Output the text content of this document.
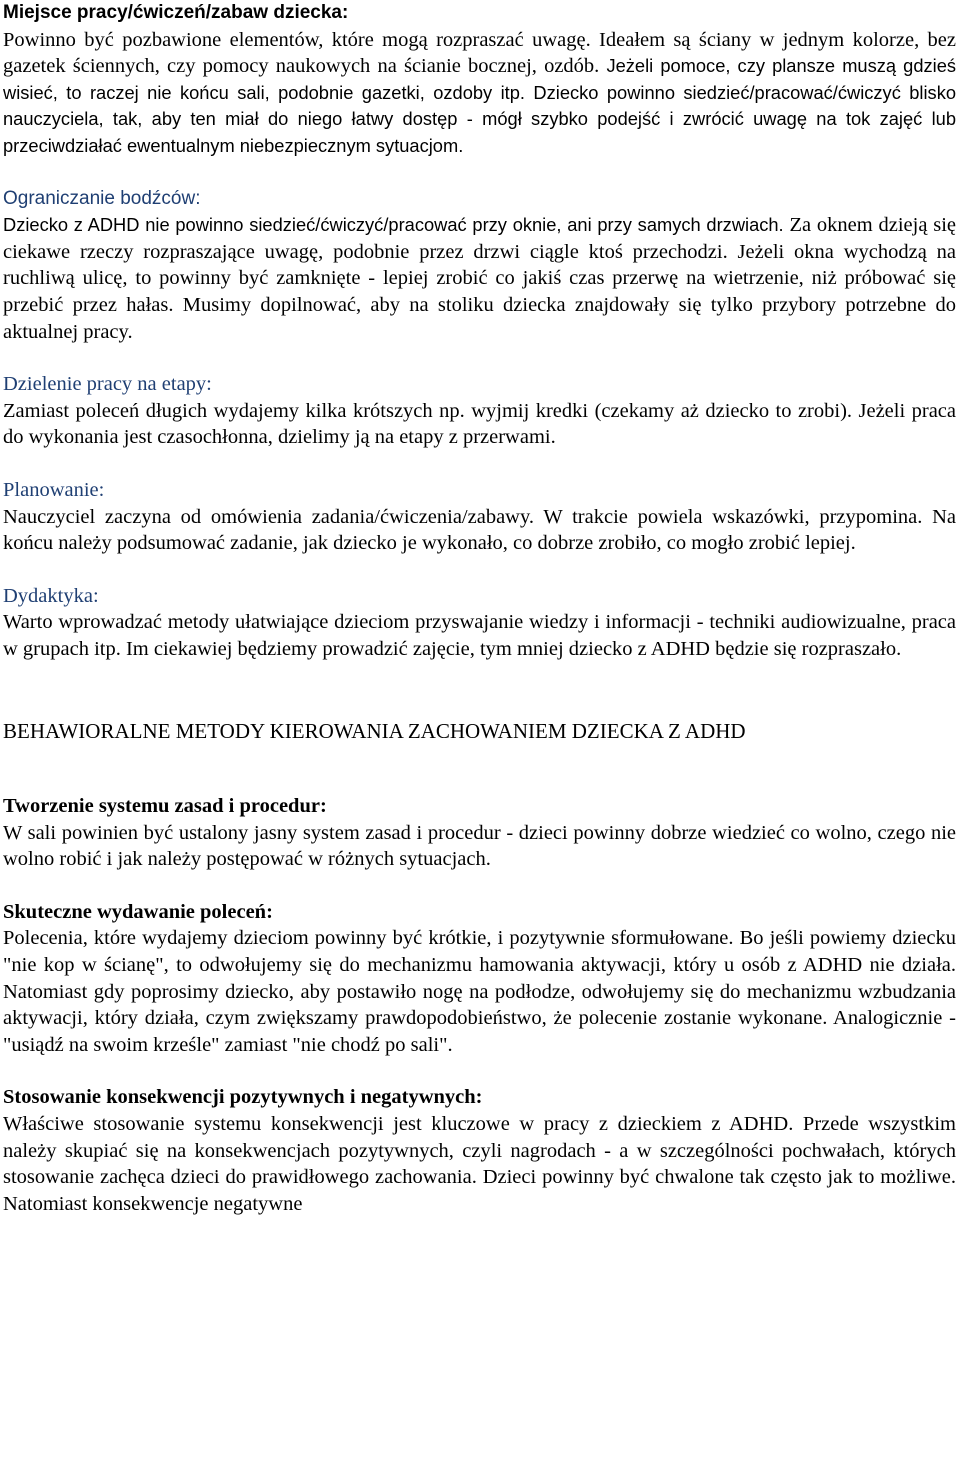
Miejsce pracy/ćwiczeń/zabaw dziecka:

Powinno być pozbawione elementów, które mogą rozpraszać uwagę. Ideałem są ściany w jednym kolorze, bez gazetek ściennych, czy pomocy naukowych na ścianie bocznej, ozdób. Jeżeli pomoce, czy plansze muszą gdzieś wisieć, to raczej nie końcu sali, podobnie gazetki, ozdoby itp. Dziecko powinno siedzieć/pracować/ćwiczyć blisko nauczyciela, tak, aby ten miał do niego łatwy dostęp - mógł szybko podejść i zwrócić uwagę na tok zajęć lub przeciwdziałać ewentualnym niebezpiecznym sytuacjom.

Ograniczanie bodźców:

Dziecko z ADHD nie powinno siedzieć/ćwiczyć/pracować przy oknie, ani przy samych drzwiach. Za oknem dzieją się ciekawe rzeczy rozpraszające uwagę, podobnie przez drzwi ciągle ktoś przechodzi. Jeżeli okna wychodzą na ruchliwą ulicę, to powinny być zamknięte - lepiej zrobić co jakiś czas przerwę na wietrzenie, niż próbować się przebić przez hałas. Musimy dopilnować, aby na stoliku dziecka znajdowały się tylko przybory potrzebne do aktualnej pracy.

Dzielenie pracy na etapy:

Zamiast poleceń długich wydajemy kilka krótszych np. wyjmij kredki (czekamy aż dziecko to zrobi). Jeżeli praca do wykonania jest czasochłonna, dzielimy ją na etapy z przerwami.

Planowanie:

Nauczyciel zaczyna od omówienia zadania/ćwiczenia/zabawy. W trakcie powiela wskazówki, przypomina. Na końcu należy podsumować zadanie, jak dziecko je wykonało, co dobrze zrobiło, co mogło zrobić lepiej.

Dydaktyka:

Warto wprowadzać metody ułatwiające dzieciom przyswajanie wiedzy i informacji - techniki audiowizualne, praca w grupach itp. Im ciekawiej będziemy prowadzić zajęcie, tym mniej dziecko z ADHD będzie się rozpraszało.

BEHAWIORALNE METODY KIEROWANIA ZACHOWANIEM DZIECKA Z ADHD

Tworzenie systemu zasad i procedur:

W sali powinien być ustalony jasny system zasad i procedur - dzieci powinny dobrze wiedzieć co wolno, czego nie wolno robić i jak należy postępować w różnych sytuacjach.

Skuteczne wydawanie poleceń:

Polecenia, które wydajemy dzieciom powinny być krótkie, i pozytywnie sformułowane. Bo jeśli powiemy dziecku "nie kop w ścianę", to odwołujemy się do mechanizmu hamowania aktywacji, który u osób z ADHD nie działa. Natomiast gdy poprosimy dziecko, aby postawiło nogę na podłodze, odwołujemy się do mechanizmu wzbudzania aktywacji, który działa, czym zwiększamy prawdopodobieństwo, że polecenie zostanie wykonane. Analogicznie - "usiądź na swoim krześle" zamiast "nie chodź po sali".

Stosowanie konsekwencji pozytywnych i negatywnych:

Właściwe stosowanie systemu konsekwencji jest kluczowe w pracy z dzieckiem z ADHD. Przede wszystkim należy skupiać się na konsekwencjach pozytywnych, czyli nagrodach - a w szczególności pochwałach, których stosowanie zachęca dzieci do prawidłowego zachowania. Dzieci powinny być chwalone tak często jak to możliwe. Natomiast konsekwencje negatywne
